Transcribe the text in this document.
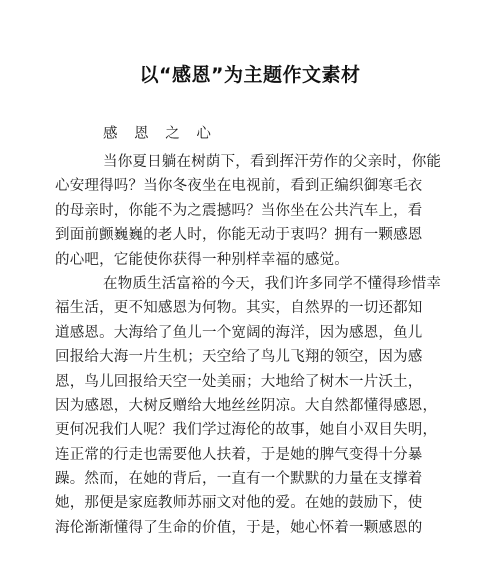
以“感恩”为主题作文素材
感 恩 之 心
当你夏日躺在树荫下，看到挥汗劳作的父亲时，你能
心安理得吗？当你冬夜坐在电视前，看到正编织御寒毛衣
的母亲时，你能不为之震撼吗？当你坐在公共汽车上，看
到面前颤巍巍的老人时，你能无动于衷吗？拥有一颗感恩
的心吧，它能使你获得一种别样幸福的感觉。
在物质生活富裕的今天，我们许多同学不懂得珍惜幸
福生活，更不知感恩为何物。其实，自然界的一切还都知
道感恩。大海给了鱼儿一个宽阔的海洋，因为感恩，鱼儿
回报给大海一片生机；天空给了鸟儿飞翔的领空，因为感
恩，鸟儿回报给天空一处美丽；大地给了树木一片沃土，
因为感恩，大树反赠给大地丝丝阴凉。大自然都懂得感恩，
更何况我们人呢？我们学过海伦的故事，她自小双目失明，
连正常的行走也需要他人扶着，于是她的脾气变得十分暴
躁。然而，在她的背后，一直有一个默默的力量在支撑着
她，那便是家庭教师苏丽文对他的爱。在她的鼓励下，使
海伦渐渐懂得了生命的价值，于是，她心怀着一颗感恩的
